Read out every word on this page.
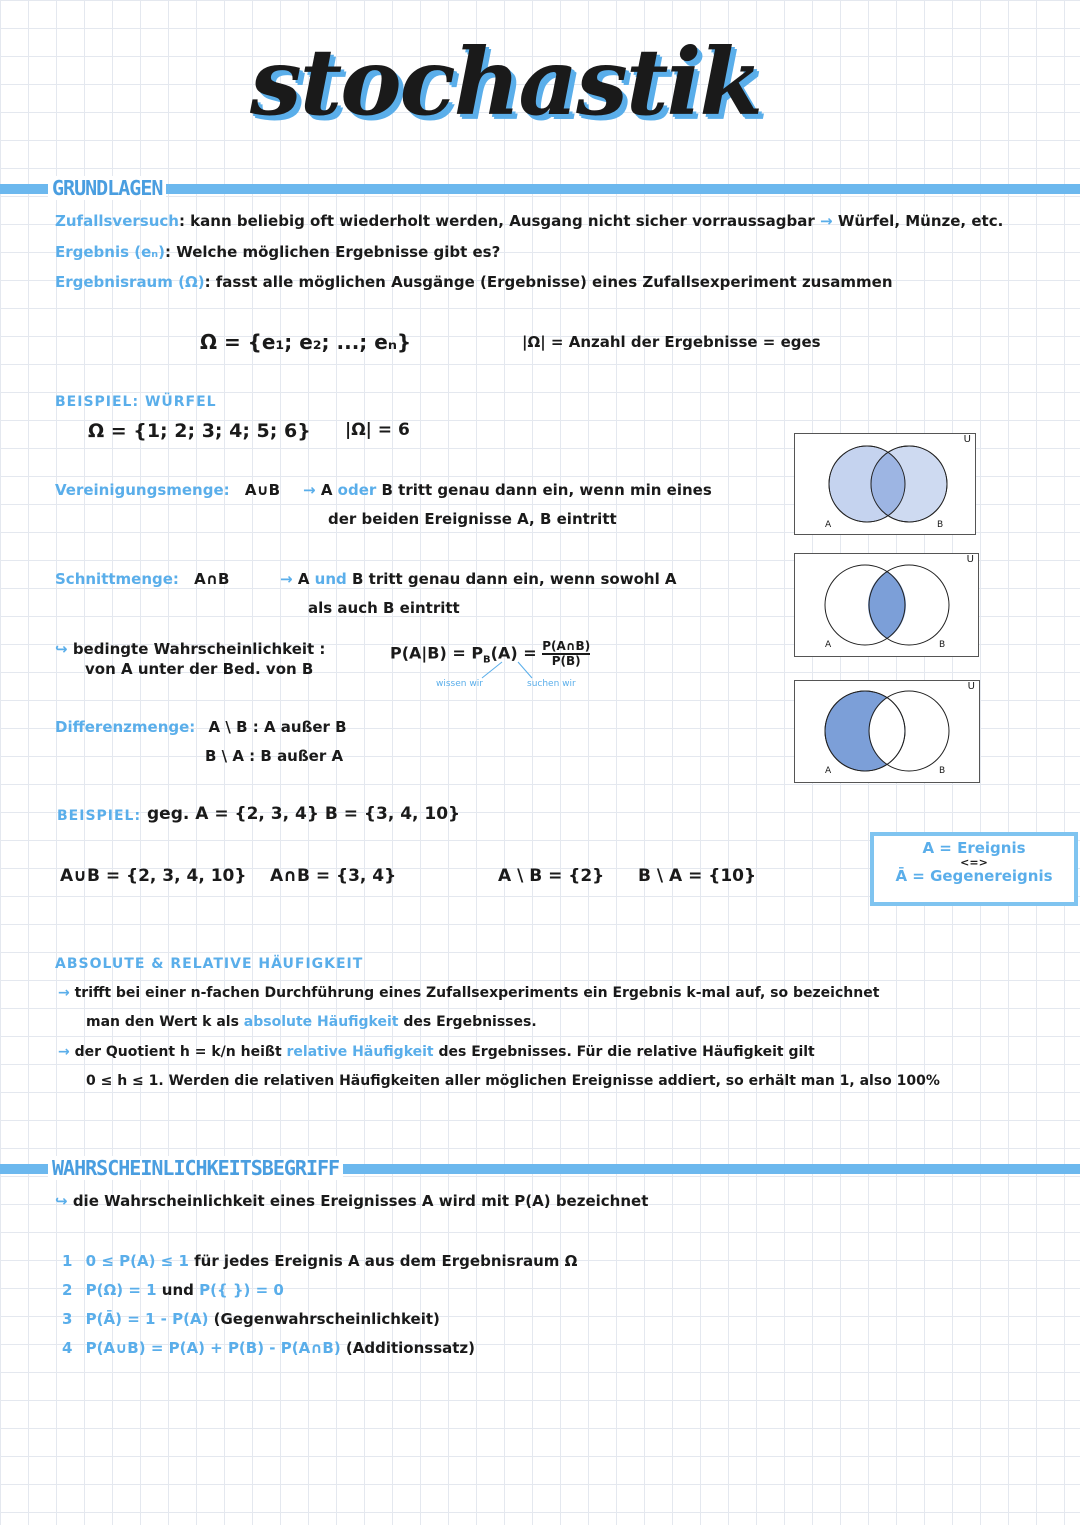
stochastik
GRUNDLAGEN
Zufallsversuch: kann beliebig oft wiederholt werden, Ausgang nicht sicher vorraussagbar → Würfel, Münze, etc.
Ergebnis (eₙ): Welche möglichen Ergebnisse gibt es?
Ergebnisraum (Ω): fasst alle möglichen Ausgänge (Ergebnisse) eines Zufallsexperiment zusammen
Ω = {e₁; e₂; ...; eₙ}	|Ω| = Anzahl der Ergebnisse = eges
BEISPIEL: WÜRFEL
Ω = {1; 2; 3; 4; 5; 6} |Ω| = 6
Vereinigungsmenge: A∪B → A oder B tritt genau dann ein, wenn min eines
der beiden Ereignisse A, B eintritt
Schnittmenge: A∩B	→ A und B tritt genau dann ein, wenn sowohl A
als auch B eintritt
↪ bedingte Wahrscheinlichkeit :
von A unter der Bed. von B
$P(A|B) = P_B(A) = \frac{P(A\cap B)}{P(B)}$
wissen wir	suchen wir
Differenzmenge: A \ B : A außer B
B \ A : B außer A
BEISPIEL: geg. A = {2, 3, 4} B = {3, 4, 10}
A∪B = {2, 3, 4, 10} A∩B = {3, 4}	A \ B = {2} B \ A = {10}
U
A	B
U
A	B
U
A	B
A = Ereignis
<=>
Ā = Gegenereignis
ABSOLUTE & RELATIVE HÄUFIGKEIT
→ trifft bei einer n-fachen Durchführung eines Zufallsexperiments ein Ergebnis k-mal auf, so bezeichnet
man den Wert k als absolute Häufigkeit des Ergebnisses.
→ der Quotient h = k/n heißt relative Häufigkeit des Ergebnisses. Für die relative Häufigkeit gilt
0 ≤ h ≤ 1. Werden die relativen Häufigkeiten aller möglichen Ereignisse addiert, so erhält man 1, also 100%
WAHRSCHEINLICHKEITSBEGRIFF
↪ die Wahrscheinlichkeit eines Ereignisses A wird mit P(A) bezeichnet
1 0 ≤ P(A) ≤ 1 für jedes Ereignis A aus dem Ergebnisraum Ω
2 P(Ω) = 1 und P({ }) = 0
3 P(Ā) = 1 - P(A) (Gegenwahrscheinlichkeit)
4 P(A∪B) = P(A) + P(B) - P(A∩B) (Additionssatz)
